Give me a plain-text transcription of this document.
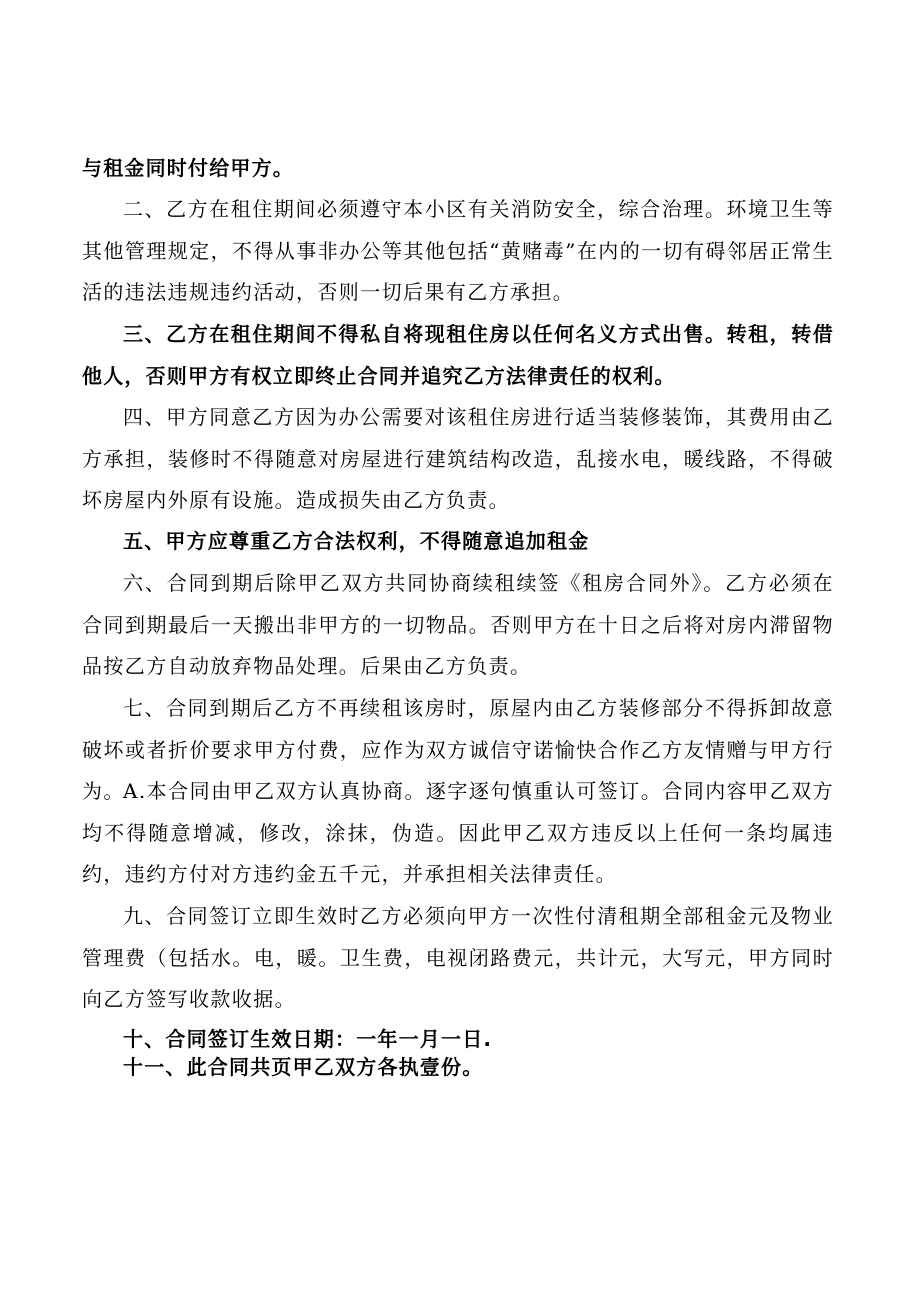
与租金同时付给甲方。
二、乙方在租住期间必须遵守本小区有关消防安全，综合治理。环境卫生等其他管理规定，不得从事非办公等其他包括“黄赌毒”在内的一切有碍邻居正常生活的违法违规违约活动，否则一切后果有乙方承担。
三、乙方在租住期间不得私自将现租住房以任何名义方式出售。转租，转借他人，否则甲方有权立即终止合同并追究乙方法律责任的权利。
四、甲方同意乙方因为办公需要对该租住房进行适当装修装饰，其费用由乙方承担，装修时不得随意对房屋进行建筑结构改造，乱接水电，暖线路，不得破坏房屋内外原有设施。造成损失由乙方负责。
五、甲方应尊重乙方合法权利，不得随意追加租金
六、合同到期后除甲乙双方共同协商续租续签《租房合同外》。乙方必须在合同到期最后一天搬出非甲方的一切物品。否则甲方在十日之后将对房内滞留物品按乙方自动放弃物品处理。后果由乙方负责。
七、合同到期后乙方不再续租该房时，原屋内由乙方装修部分不得拆卸故意破坏或者折价要求甲方付费，应作为双方诚信守诺愉快合作乙方友情赠与甲方行为。
A.本合同由甲乙双方认真协商。逐字逐句慎重认可签订。合同内容甲乙双方均不得随意增减，修改，涂抹，伪造。因此甲乙双方违反以上任何一条均属违约，违约方付对方违约金五千元，并承担相关法律责任。
九、合同签订立即生效时乙方必须向甲方一次性付清租期全部租金元及物业管理费（包括水。电，暖。卫生费，电视闭路费元，共计元，大写元，甲方同时向乙方签写收款收据。
十、合同签订生效日期：一年一月一日.
十一、此合同共页甲乙双方各执壹份。
